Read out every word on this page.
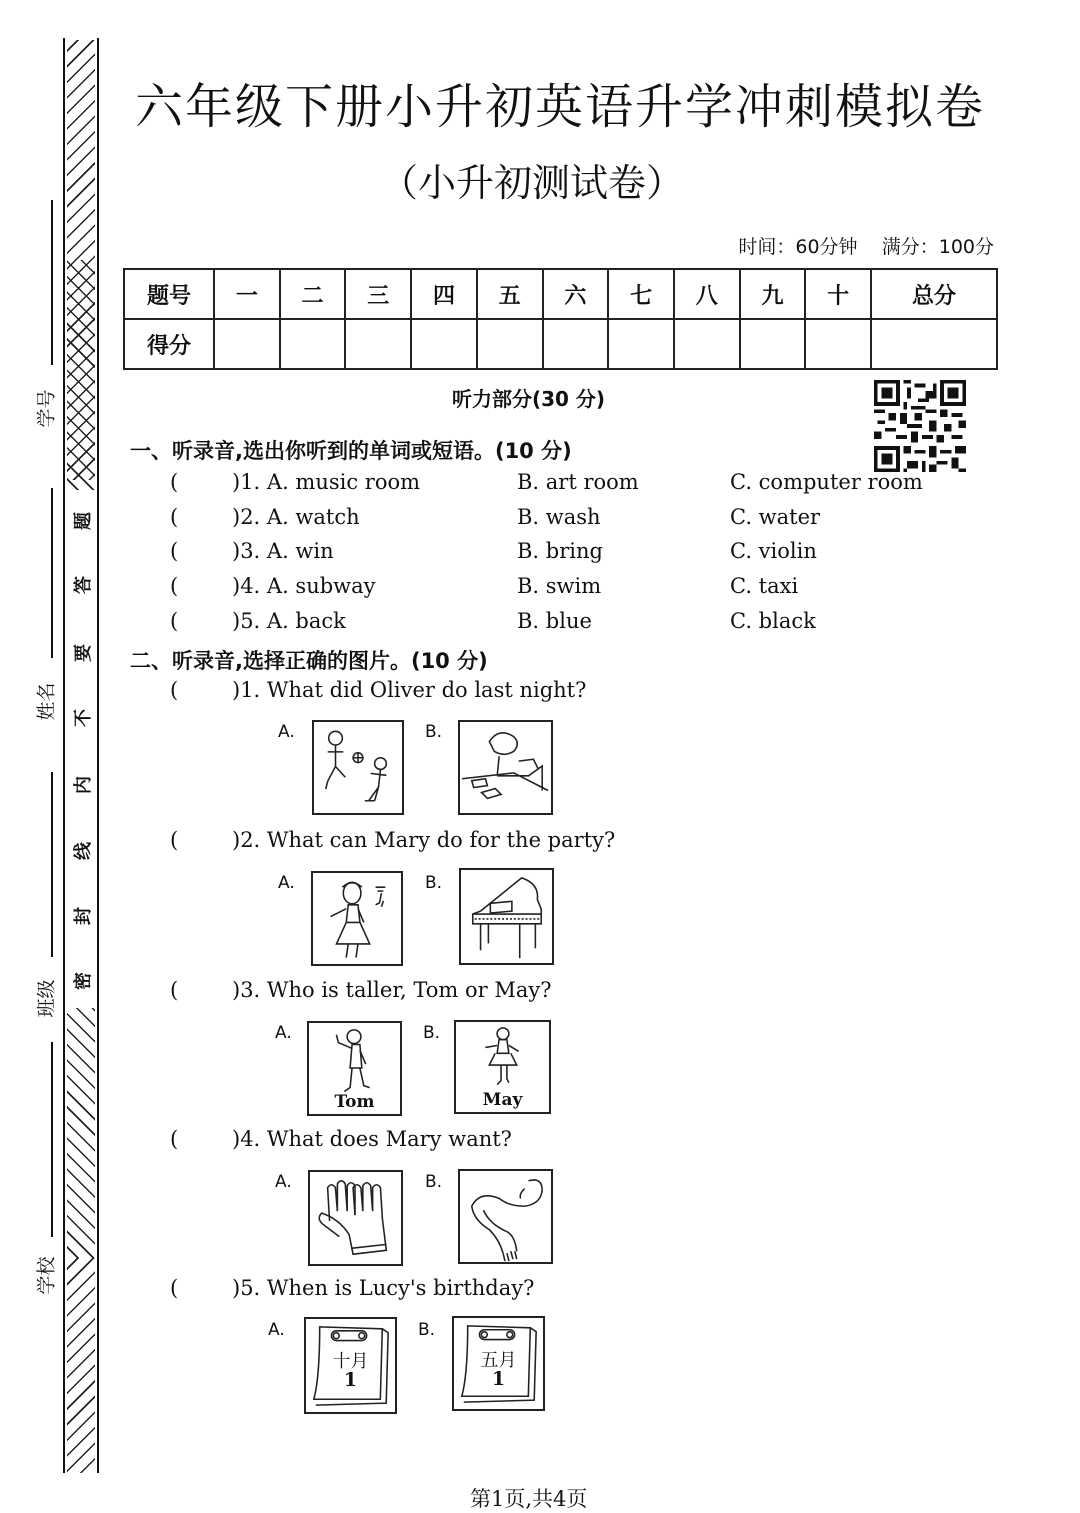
题
答
要
不
内
线
封
密
学号
姓名
班级
学校
六年级下册小升初英语升学冲刺模拟卷
（小升初测试卷）
时间：60分钟 满分：100分
题号	一	二	三	四	五	六	七	八	九	十	总分
得分											
听力部分(30 分)
一、听录音,选出你听到的单词或短语。(10 分)
(	)1. A. music room	B. art room	C. computer room
(	)2. A. watch	B. wash	C. water
(	)3. A. win	B. bring	C. violin
(	)4. A. subway	B. swim	C. taxi
(	)5. A. back	B. blue	C. black
二、听录音,选择正确的图片。(10 分)
(	)1. What did Oliver do last night?
A.	B.
(	)2. What can Mary do for the party?
A.	B.
(	)3. Who is taller, Tom or May?
A.
Tom
B.
May
(	)4. What does Mary want?
A.	B.
(	)5. When is Lucy's birthday?
A.
十月
1
B.
五月
1
第1页,共4页
